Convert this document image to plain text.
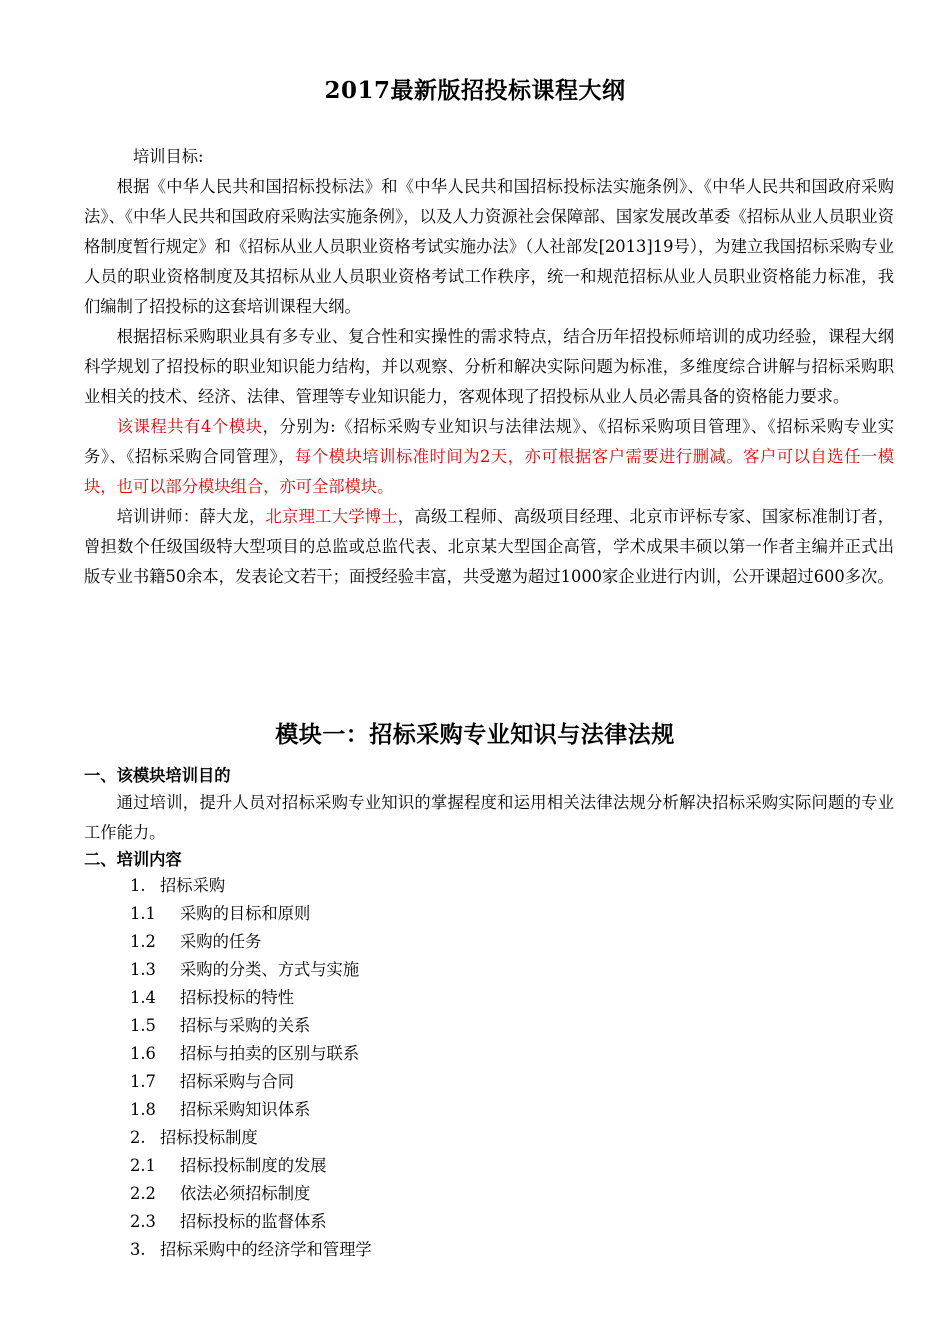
2017最新版招投标课程大纲

培训目标:

根据《中华人民共和国招标投标法》和《中华人民共和国招标投标法实施条例》、《中华人民共和国政府采购法》、《中华人民共和国政府采购法实施条例》，以及人力资源社会保障部、国家发展改革委《招标从业人员职业资格制度暂行规定》和《招标从业人员职业资格考试实施办法》（人社部发[2013]19号），为建立我国招标采购专业人员的职业资格制度及其招标从业人员职业资格考试工作秩序，统一和规范招标从业人员职业资格能力标准，我们编制了招投标的这套培训课程大纲。

根据招标采购职业具有多专业、复合性和实操性的需求特点，结合历年招投标师培训的成功经验，课程大纲科学规划了招投标的职业知识能力结构，并以观察、分析和解决实际问题为标准，多维度综合讲解与招标采购职业相关的技术、经济、法律、管理等专业知识能力，客观体现了招投标从业人员必需具备的资格能力要求。

该课程共有4个模块，分别为:《招标采购专业知识与法律法规》、《招标采购项目管理》、《招标采购专业实务》、《招标采购合同管理》，每个模块培训标准时间为2天，亦可根据客户需要进行删减。客户可以自选任一模块，也可以部分模块组合，亦可全部模块。

培训讲师：薛大龙，北京理工大学博士，高级工程师、高级项目经理、北京市评标专家、国家标准制订者，曾担数个任级国级特大型项目的总监或总监代表、北京某大型国企高管，学术成果丰硕以第一作者主编并正式出版专业书籍50余本，发表论文若干；面授经验丰富，共受邀为超过1000家企业进行内训，公开课超过600多次。

模块一：招标采购专业知识与法律法规
一、该模块培训目的

通过培训，提升人员对招标采购专业知识的掌握程度和运用相关法律法规分析解决招标采购实际问题的专业工作能力。

二、培训内容
1. 招标采购
1.1 采购的目标和原则
1.2 采购的任务
1.3 采购的分类、方式与实施
1.4 招标投标的特性
1.5 招标与采购的关系
1.6 招标与拍卖的区别与联系
1.7 招标采购与合同
1.8 招标采购知识体系
2. 招标投标制度
2.1 招标投标制度的发展
2.2 依法必须招标制度
2.3 招标投标的监督体系
3. 招标采购中的经济学和管理学
